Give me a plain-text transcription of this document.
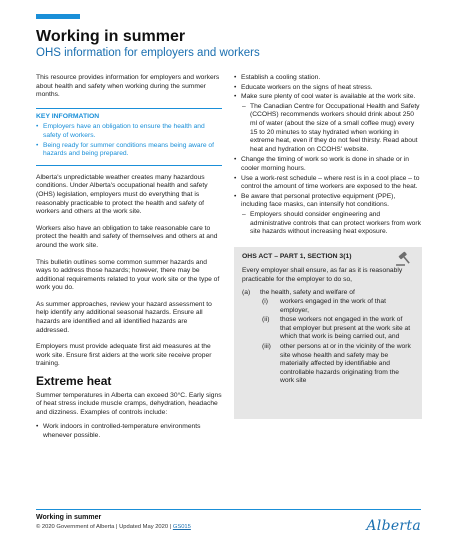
Working in summer
OHS information for employers and workers

This resource provides information for employers and workers about health and safety when working during the summer months.

KEY INFORMATION
• Employers have an obligation to ensure the health and safety of workers.
• Being ready for summer conditions means being aware of hazards and being prepared.

Alberta's unpredictable weather creates many hazardous conditions. Under Alberta's occupational health and safety (OHS) legislation, employers must do everything that is reasonably practicable to protect the health and safety of workers and others at the work site.

Workers also have an obligation to take reasonable care to protect the health and safety of themselves and others at and around the work site.

This bulletin outlines some common summer hazards and ways to address those hazards; however, there may be additional requirements related to your work site or the type of work you do.

As summer approaches, review your hazard assessment to help identify any additional seasonal hazards. Ensure all hazards are identified and all identified hazards are addressed.

Employers must provide adequate first aid measures at the work site. Ensure first aiders at the work site receive proper training.

Extreme heat

Summer temperatures in Alberta can exceed 30°C. Early signs of heat stress include muscle cramps, dehydration, headache and dizziness. Examples of controls include:

• Work indoors in controlled-temperature environments whenever possible.
• Establish a cooling station.
• Educate workers on the signs of heat stress.
• Make sure plenty of cool water is available at the work site.
– The Canadian Centre for Occupational Health and Safety (CCOHS) recommends workers should drink about 250 ml of water (about the size of a small coffee mug) every 15 to 20 minutes to stay hydrated when working in extreme heat, even if they do not feel thirsty. Read about heat and hydration on CCOHS' website.
• Change the timing of work so work is done in shade or in cooler morning hours.
• Use a work-rest schedule – where rest is in a cool place – to control the amount of time workers are exposed to the heat.
• Be aware that personal protective equipment (PPE), including face masks, can intensify hot conditions.
– Employers should consider engineering and administrative controls that can protect workers from work site hazards without increasing heat exposure.
OHS ACT – PART 1, SECTION 3(1)
Every employer shall ensure, as far as it is reasonably practicable for the employer to do so,
(a) the health, safety and welfare of
(i) workers engaged in the work of that employer,
(ii) those workers not engaged in the work of that employer but present at the work site at which that work is being carried out, and
(iii) other persons at or in the vicinity of the work site whose health and safety may be materially affected by identifiable and controllable hazards originating from the work site
Working in summer
© 2020 Government of Alberta | Updated May 2020 | GS015	Alberta
